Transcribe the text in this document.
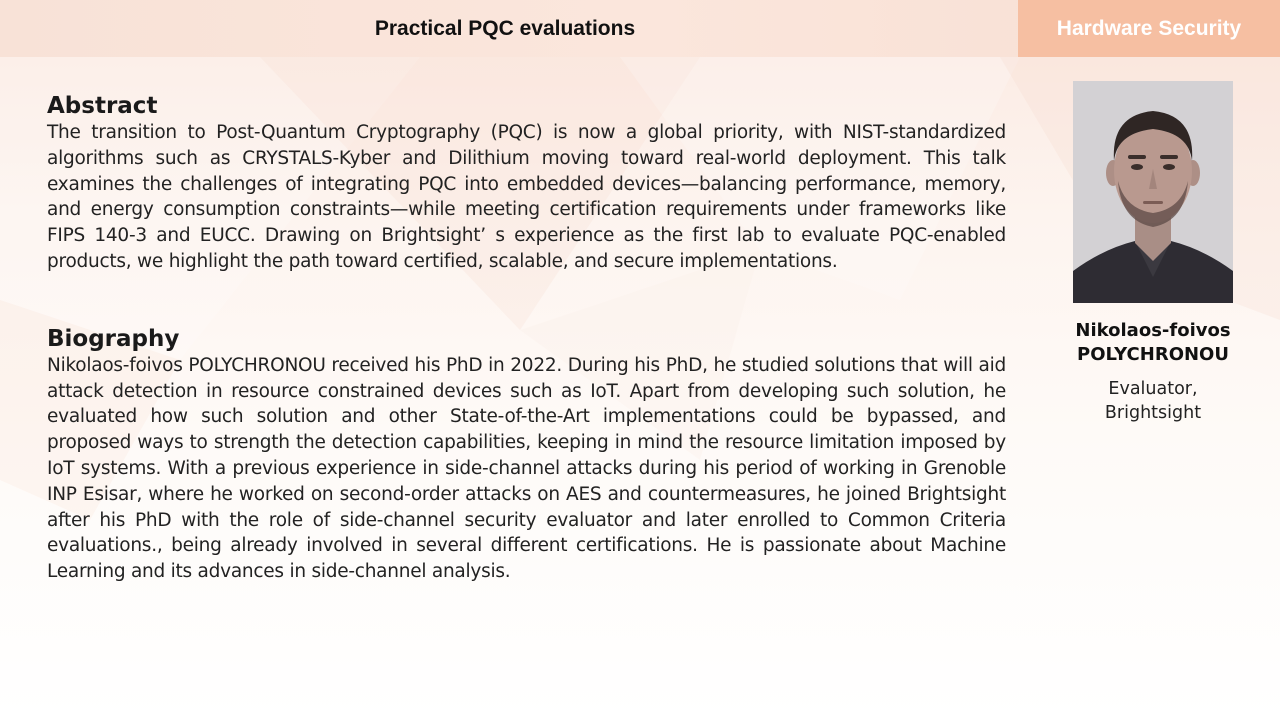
Practical PQC evaluations	Hardware Security
Abstract

The transition to Post-Quantum Cryptography (PQC) is now a global priority, with NIST-standardized algorithms such as CRYSTALS-Kyber and Dilithium moving toward real-world deployment. This talk examines the challenges of integrating PQC into embedded devices—balancing performance, memory, and energy consumption constraints—while meeting certification requirements under frameworks like FIPS 140-3 and EUCC. Drawing on Brightsight’ s experience as the first lab to evaluate PQC-enabled products, we highlight the path toward certified, scalable, and secure implementations.

Biography

Nikolaos-foivos POLYCHRONOU received his PhD in 2022. During his PhD, he studied solutions that will aid attack detection in resource constrained devices such as IoT. Apart from developing such solution, he evaluated how such solution and other State-of-the-Art implementations could be bypassed, and proposed ways to strength the detection capabilities, keeping in mind the resource limitation imposed by IoT systems. With a previous experience in side-channel attacks during his period of working in Grenoble INP Esisar, where he worked on second-order attacks on AES and countermeasures, he joined Brightsight after his PhD with the role of side-channel security evaluator and later enrolled to Common Criteria evaluations., being already involved in several different certifications. He is passionate about Machine Learning and its advances in side-channel analysis.

Nikolaos-foivos
POLYCHRONOU
Evaluator,
Brightsight
